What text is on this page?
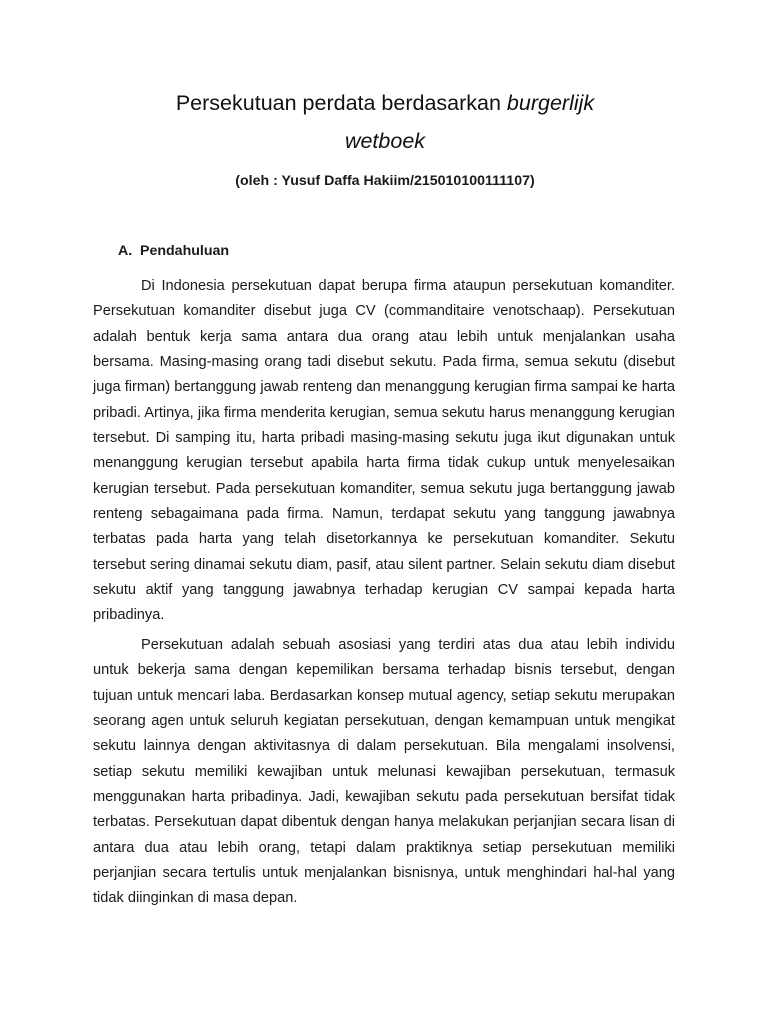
Persekutuan perdata berdasarkan burgerlijk
wetboek
(oleh : Yusuf Daffa Hakiim/215010100111107)
A. Pendahuluan

Di Indonesia persekutuan dapat berupa firma ataupun persekutuan komanditer. Persekutuan komanditer disebut juga CV (commanditaire venotschaap). Persekutuan adalah bentuk kerja sama antara dua orang atau lebih untuk menjalankan usaha bersama. Masing-masing orang tadi disebut sekutu. Pada firma, semua sekutu (disebut juga firman) bertanggung jawab renteng dan menanggung kerugian firma sampai ke harta pribadi. Artinya, jika firma menderita kerugian, semua sekutu harus menanggung kerugian tersebut. Di samping itu, harta pribadi masing-masing sekutu juga ikut digunakan untuk menanggung kerugian tersebut apabila harta firma tidak cukup untuk menyelesaikan kerugian tersebut. Pada persekutuan komanditer, semua sekutu juga bertanggung jawab renteng sebagaimana pada firma. Namun, terdapat sekutu yang tanggung jawabnya terbatas pada harta yang telah disetorkannya ke persekutuan komanditer. Sekutu tersebut sering dinamai sekutu diam, pasif, atau silent partner. Selain sekutu diam disebut sekutu aktif yang tanggung jawabnya terhadap kerugian CV sampai kepada harta pribadinya.

Persekutuan adalah sebuah asosiasi yang terdiri atas dua atau lebih individu untuk bekerja sama dengan kepemilikan bersama terhadap bisnis tersebut, dengan tujuan untuk mencari laba. Berdasarkan konsep mutual agency, setiap sekutu merupakan seorang agen untuk seluruh kegiatan persekutuan, dengan kemampuan untuk mengikat sekutu lainnya dengan aktivitasnya di dalam persekutuan. Bila mengalami insolvensi, setiap sekutu memiliki kewajiban untuk melunasi kewajiban persekutuan, termasuk menggunakan harta pribadinya. Jadi, kewajiban sekutu pada persekutuan bersifat tidak terbatas. Persekutuan dapat dibentuk dengan hanya melakukan perjanjian secara lisan di antara dua atau lebih orang, tetapi dalam praktiknya setiap persekutuan memiliki perjanjian secara tertulis untuk menjalankan bisnisnya, untuk menghindari hal-hal yang tidak diinginkan di masa depan.
